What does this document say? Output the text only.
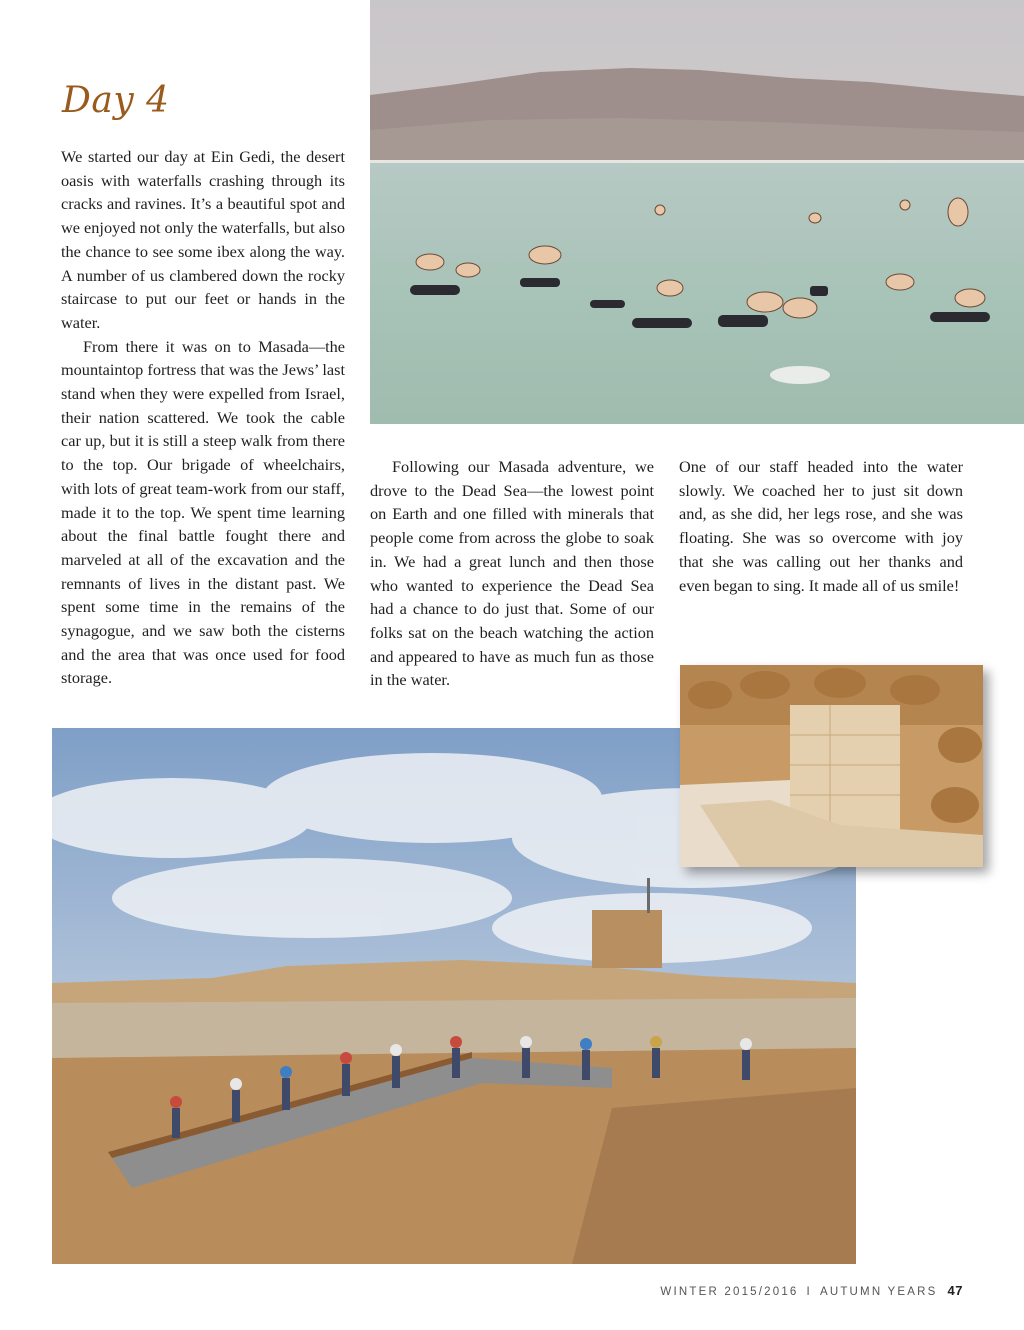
Day 4

We started our day at Ein Gedi, the desert oasis with waterfalls crashing through its cracks and ravines. It’s a beautiful spot and we enjoyed not only the waterfalls, but also the chance to see some ibex along the way. A number of us clambered down the rocky staircase to put our feet or hands in the water.

From there it was on to Masada—the mountaintop fortress that was the Jews’ last stand when they were expelled from Israel, their nation scattered. We took the cable car up, but it is still a steep walk from there to the top. Our brigade of wheelchairs, with lots of great team-work from our staff, made it to the top. We spent time learning about the final battle fought there and marveled at all of the excavation and the remnants of lives in the distant past. We spent some time in the remains of the synagogue, and we saw both the cisterns and the area that was once used for food storage.

Following our Masada adventure, we drove to the Dead Sea—the lowest point on Earth and one filled with minerals that people come from across the globe to soak in. We had a great lunch and then those who wanted to experience the Dead Sea had a chance to do just that. Some of our folks sat on the beach watching the action and appeared to have as much fun as those in the water.

One of our staff headed into the water slowly. We coached her to just sit down and, as she did, her legs rose, and she was floating. She was so overcome with joy that she was calling out her thanks and even began to sing. It made all of us smile!

WINTER 2015/2016 I AUTUMN YEARS 47
